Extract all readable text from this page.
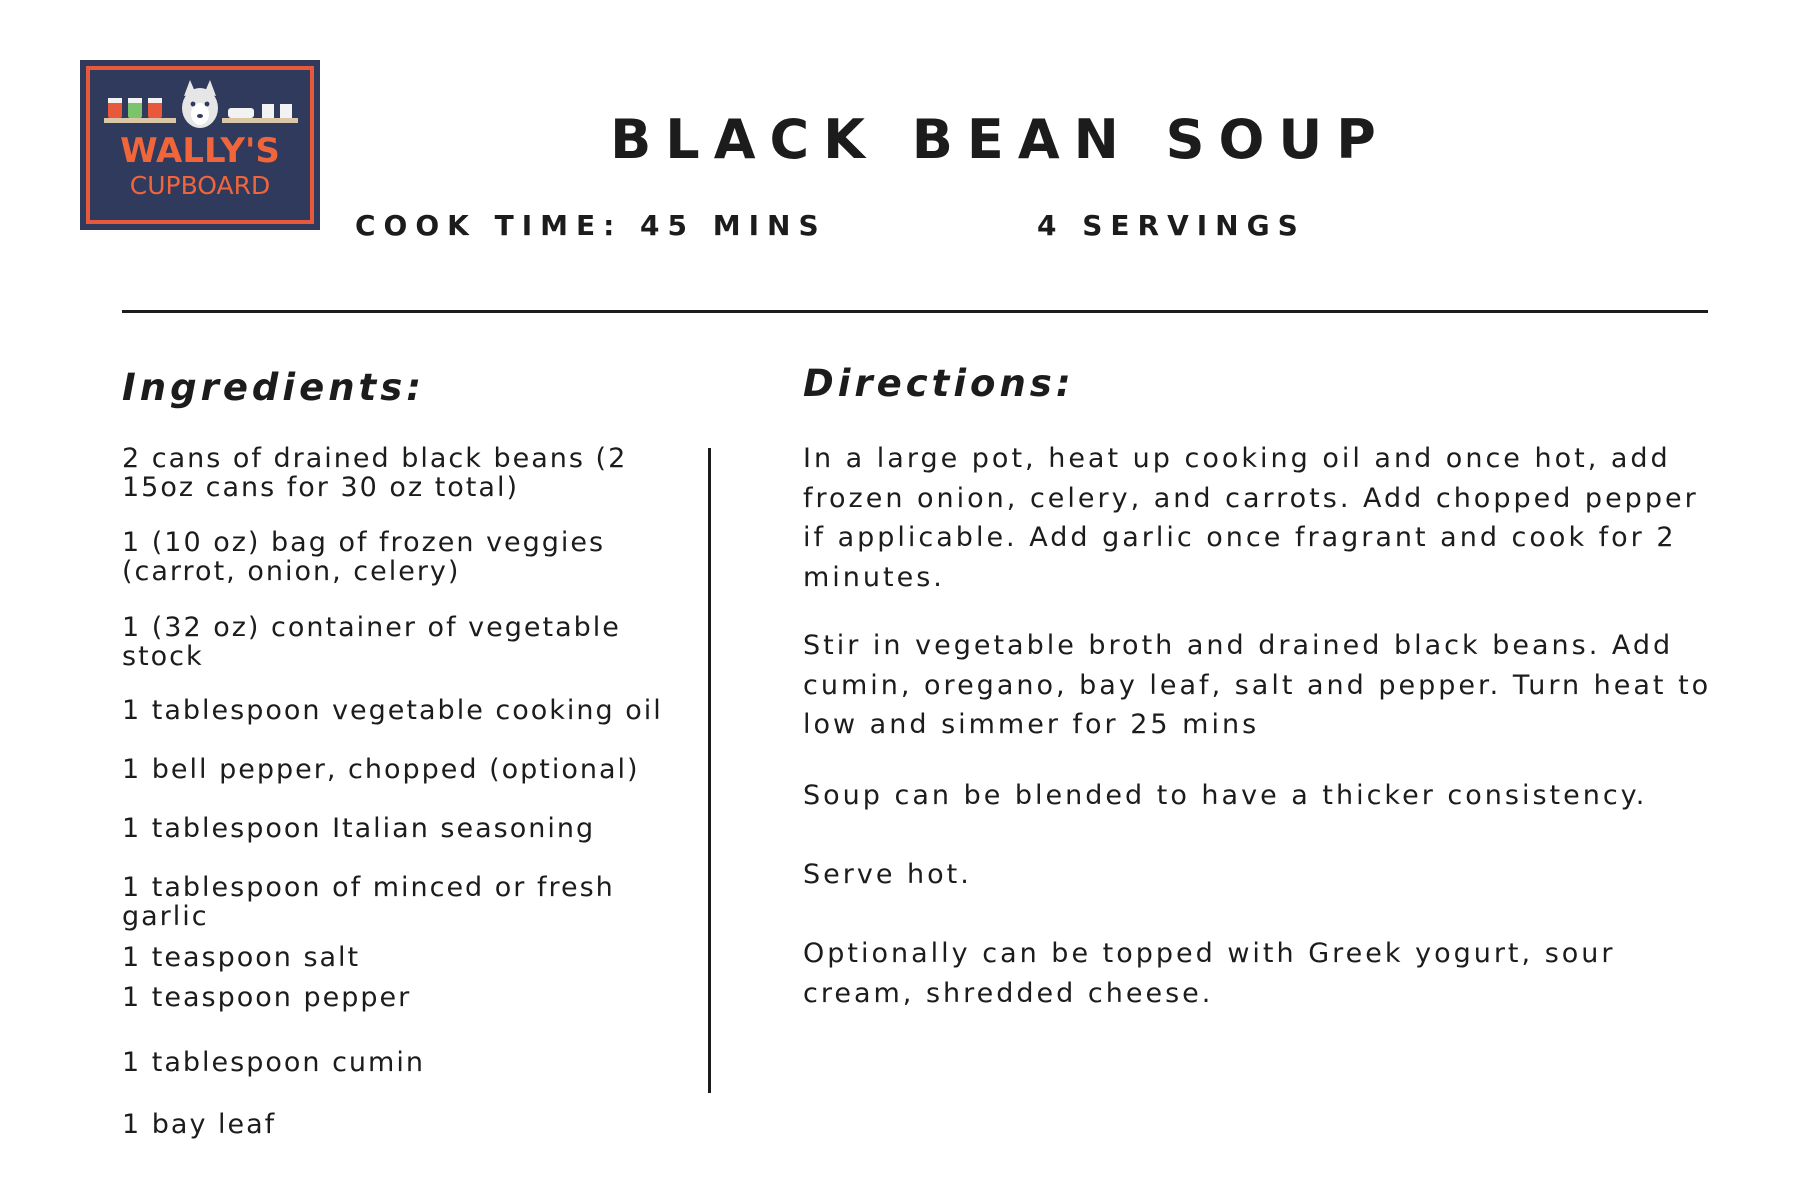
WALLY'S
CUPBOARD
BLACK BEAN SOUP
COOK TIME: 45 MINS	4 SERVINGS
Ingredients:
2 cans of drained black beans (2 15oz cans for 30 oz total)
1 (10 oz) bag of frozen veggies (carrot, onion, celery)
1 (32 oz) container of vegetable stock
1 tablespoon vegetable cooking oil
1 bell pepper, chopped (optional)
1 tablespoon Italian seasoning
1 tablespoon of minced or fresh garlic
1 teaspoon salt
1 teaspoon pepper
1 tablespoon cumin
1 bay leaf
Directions:
In a large pot, heat up cooking oil and once hot, add frozen onion, celery, and carrots. Add chopped pepper if applicable. Add garlic once fragrant and cook for 2 minutes.
Stir in vegetable broth and drained black beans. Add cumin, oregano, bay leaf, salt and pepper. Turn heat to low and simmer for 25 mins
Soup can be blended to have a thicker consistency.
Serve hot.
Optionally can be topped with Greek yogurt, sour cream, shredded cheese.
